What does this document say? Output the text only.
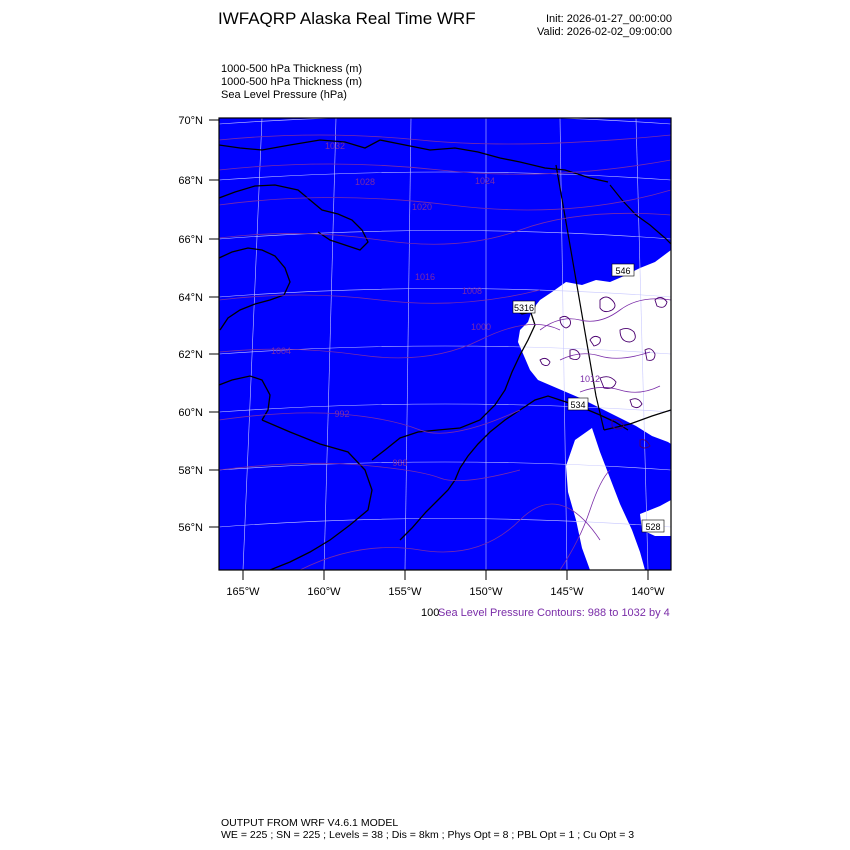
IWFAQRP Alaska Real Time WRF	Init: 2026-01-27_00:00:00
Valid: 2026-02-02_09:00:00
1000-500 hPa Thickness (m)
1000-500 hPa Thickness (m)
Sea Level Pressure (hPa)
70°N
68°N
66°N
64°N
62°N
60°N
58°N
56°N
165°W	160°W	155°W	150°W	145°W	140°W
1032
1028	1024
1016
1008
1000
992
988
1004
1020
1012
5316
534
546
528
100
Sea Level Pressure Contours: 988 to 1032 by 4
OUTPUT FROM WRF V4.6.1 MODEL
WE = 225 ; SN = 225 ; Levels = 38 ; Dis = 8km ; Phys Opt = 8 ; PBL Opt = 1 ; Cu Opt = 3
